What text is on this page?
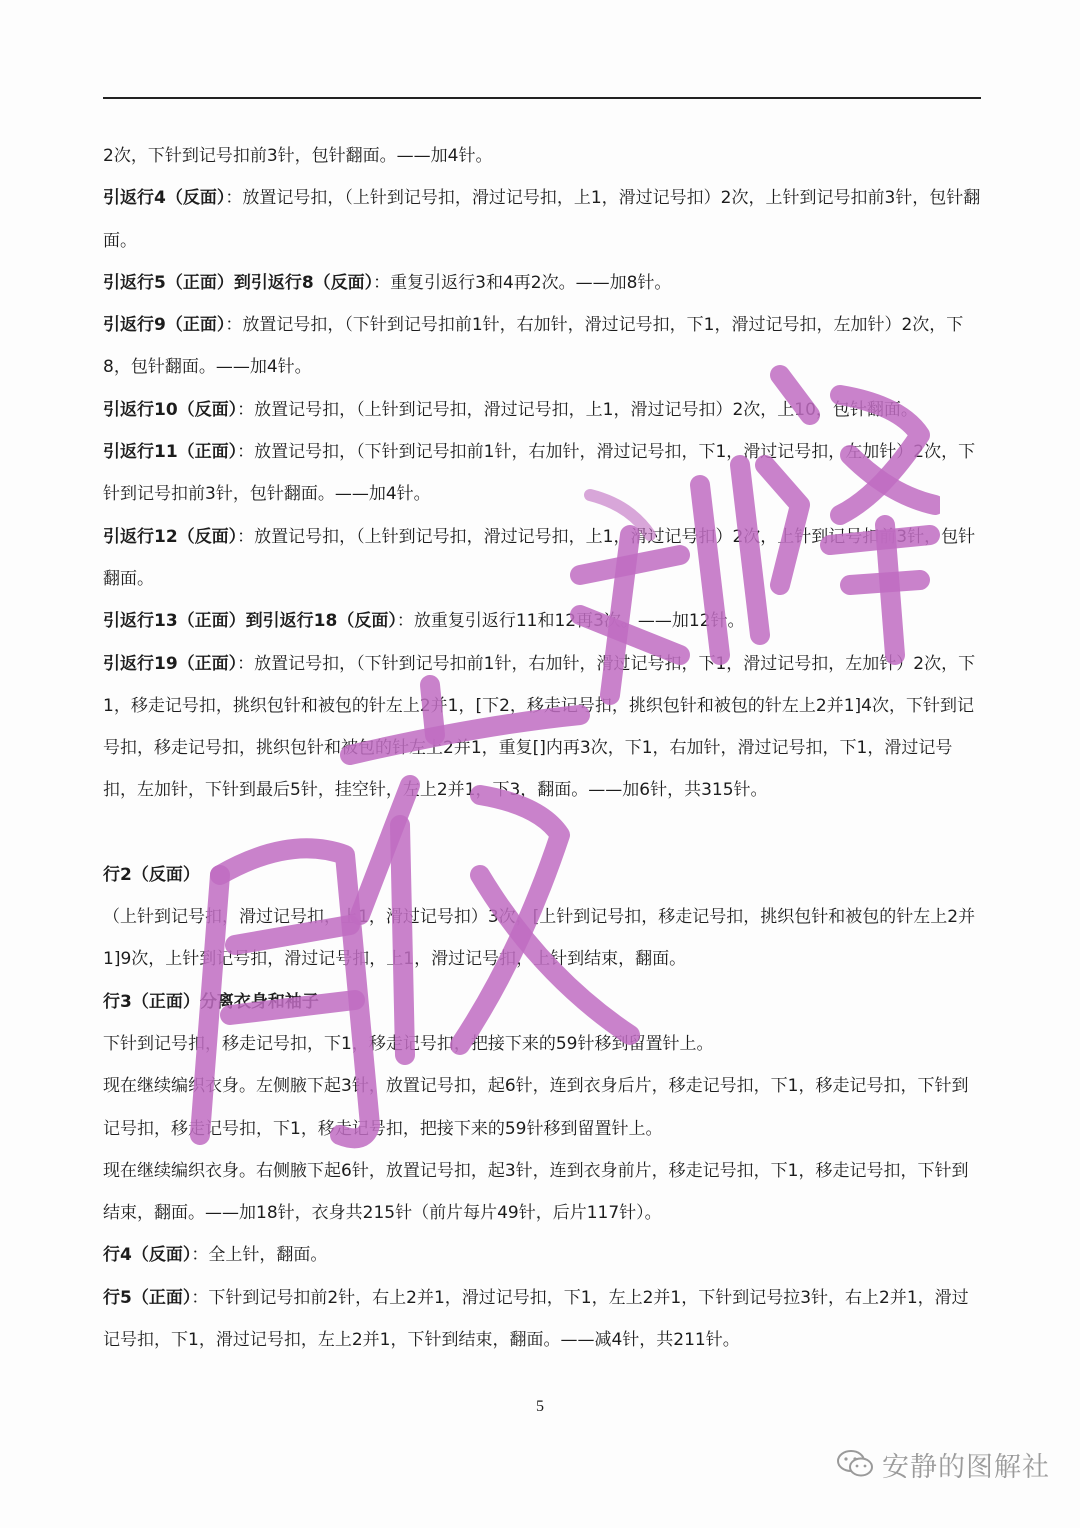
2次，下针到记号扣前3针，包针翻面。——加4针。

引返行4（反面）：放置记号扣，（上针到记号扣，滑过记号扣，上1，滑过记号扣）2次，上针到记号扣前3针，包针翻面。

引返行5（正面）到引返行8（反面）：重复引返行3和4再2次。——加8针。

引返行9（正面）：放置记号扣，（下针到记号扣前1针，右加针，滑过记号扣，下1，滑过记号扣，左加针）2次，下8，包针翻面。——加4针。

引返行10（反面）：放置记号扣，（上针到记号扣，滑过记号扣，上1，滑过记号扣）2次，上10，包针翻面。

引返行11（正面）：放置记号扣，（下针到记号扣前1针，右加针，滑过记号扣，下1，滑过记号扣，左加针）2次，下针到记号扣前3针，包针翻面。——加4针。

引返行12（反面）：放置记号扣，（上针到记号扣，滑过记号扣，上1，滑过记号扣）2次，上针到记号扣前3针，包针翻面。

引返行13（正面）到引返行18（反面）：放重复引返行11和12再3次。——加12针。

引返行19（正面）：放置记号扣，（下针到记号扣前1针，右加针，滑过记号扣，下1，滑过记号扣，左加针）2次，下1，移走记号扣，挑织包针和被包的针左上2并1，[下2，移走记号扣，挑织包针和被包的针左上2并1]4次，下针到记号扣，移走记号扣，挑织包针和被包的针左上2并1，重复[]内再3次，下1，右加针，滑过记号扣，下1，滑过记号扣，左加针，下针到最后5针，挂空针，左上2并1，下3，翻面。——加6针，共315针。

行2（反面）

（上针到记号扣，滑过记号扣，上1，滑过记号扣）3次，[上针到记号扣，移走记号扣，挑织包针和被包的针左上2并1]9次，上针到记号扣，滑过记号扣，上1，滑过记号扣，上针到结束，翻面。

行3（正面）分离衣身和袖子

下针到记号扣，移走记号扣，下1，移走记号扣，把接下来的59针移到留置针上。

现在继续编织衣身。左侧腋下起3针，放置记号扣，起6针，连到衣身后片，移走记号扣，下1，移走记号扣，下针到记号扣，移走记号扣，下1，移走记号扣，把接下来的59针移到留置针上。

现在继续编织衣身。右侧腋下起6针，放置记号扣，起3针，连到衣身前片，移走记号扣，下1，移走记号扣，下针到结束，翻面。——加18针，衣身共215针（前片每片49针，后片117针）。

行4（反面）：全上针，翻面。

行5（正面）：下针到记号扣前2针，右上2并1，滑过记号扣，下1，左上2并1，下针到记号拉3针，右上2并1，滑过记号扣，下1，滑过记号扣，左上2并1，下针到结束，翻面。——减4针，共211针。

5
安静的图解社
